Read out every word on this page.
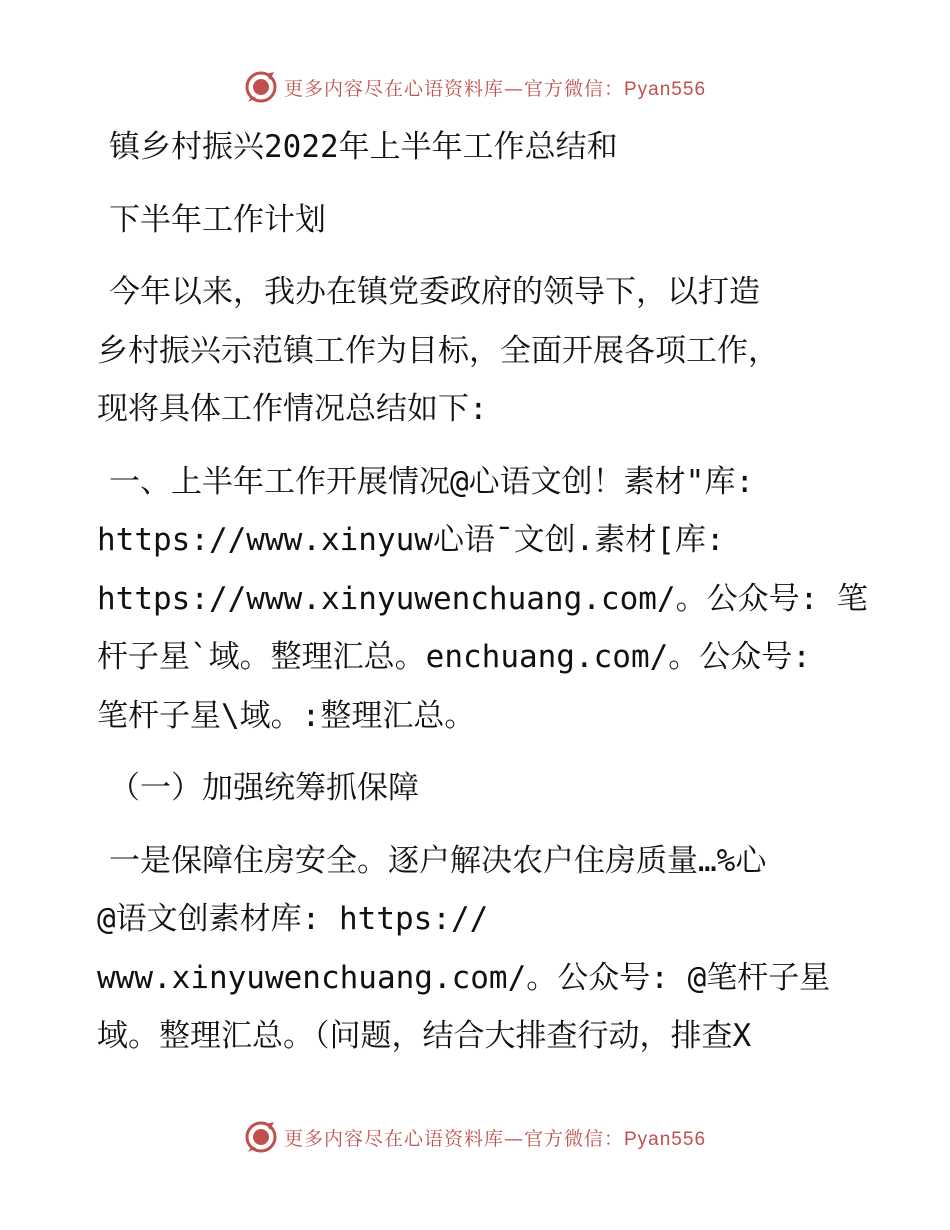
更多内容尽在心语资料库—官方微信：Pyan556
镇乡村振兴2022年上半年工作总结和
下半年工作计划
今年以来，我办在镇党委政府的领导下，以打造
乡村振兴示范镇工作为目标，全面开展各项工作，
现将具体工作情况总结如下:
一、上半年工作开展情况@心语文创！素材"库:
https://www.xinyuw心语¯文创.素材[库:
https://www.xinyuwenchuang.com/。公众号: 笔
杆子星`域。整理汇总。enchuang.com/。公众号:
笔杆子星\域。:整理汇总。
（一）加强统筹抓保障
一是保障住房安全。逐户解决农户住房质量…%心
@语文创素材库: https://
www.xinyuwenchuang.com/。公众号: @笔杆子星
域。整理汇总。（问题，结合大排查行动，排查X
更多内容尽在心语资料库—官方微信：Pyan556
